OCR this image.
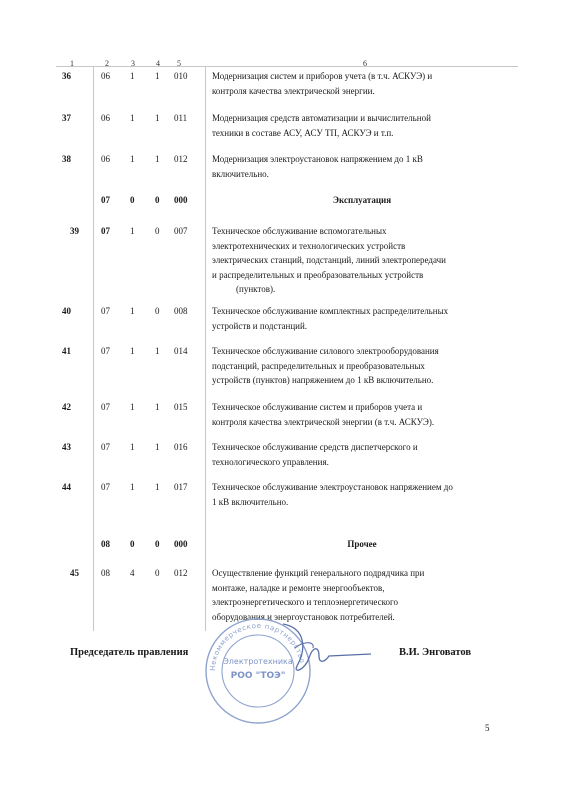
1	2	3	4 5	6
36	06	1	1	010	Модернизация систем и приборов учета (в т.ч. АСКУЭ) и
контроля качества электрической энергии.
37	06	1	1	011	Модернизация средств автоматизации и вычислительной
техники в составе АСУ, АСУ ТП, АСКУЭ и т.п.
38	06	1	1	012	Модернизация электроустановок напряжением до 1 кВ
включительно.
07	0	0	000	Эксплуатация
39	07	1	0	007	Техническое обслуживание вспомогательных
электротехнических и технологических устройств
электрических станций, подстанций, линий электропередачи
и распределительных и преобразовательных устройств
(пунктов).
40	07	1	0	008	Техническое обслуживание комплектных распределительных
устройств и подстанций.
41	07	1	1	014	Техническое обслуживание силового электрооборудования
подстанций, распределительных и преобразовательных
устройств (пунктов) напряжением до 1 кВ включительно.
42	07	1	1	015	Техническое обслуживание систем и приборов учета и
контроля качества электрической энергии (в т.ч. АСКУЭ).
43	07	1	1	016	Техническое обслуживание средств диспетчерского и
технологического управления.
44	07	1	1	017	Техническое обслуживание электроустановок напряжением до
1 кВ включительно.
08	0	0	000	Прочее
45	08	4	0	012	Осуществление функций генерального подрядчика при
монтаже, наладке и ремонте энергообъектов,
электроэнергетического и теплоэнергетического
оборудования и энергоустановок потребителей.
Некоммерческое партнерство
Электротехника
РОО "ТОЭ"
Председатель правления	В.И. Энговатов
5
